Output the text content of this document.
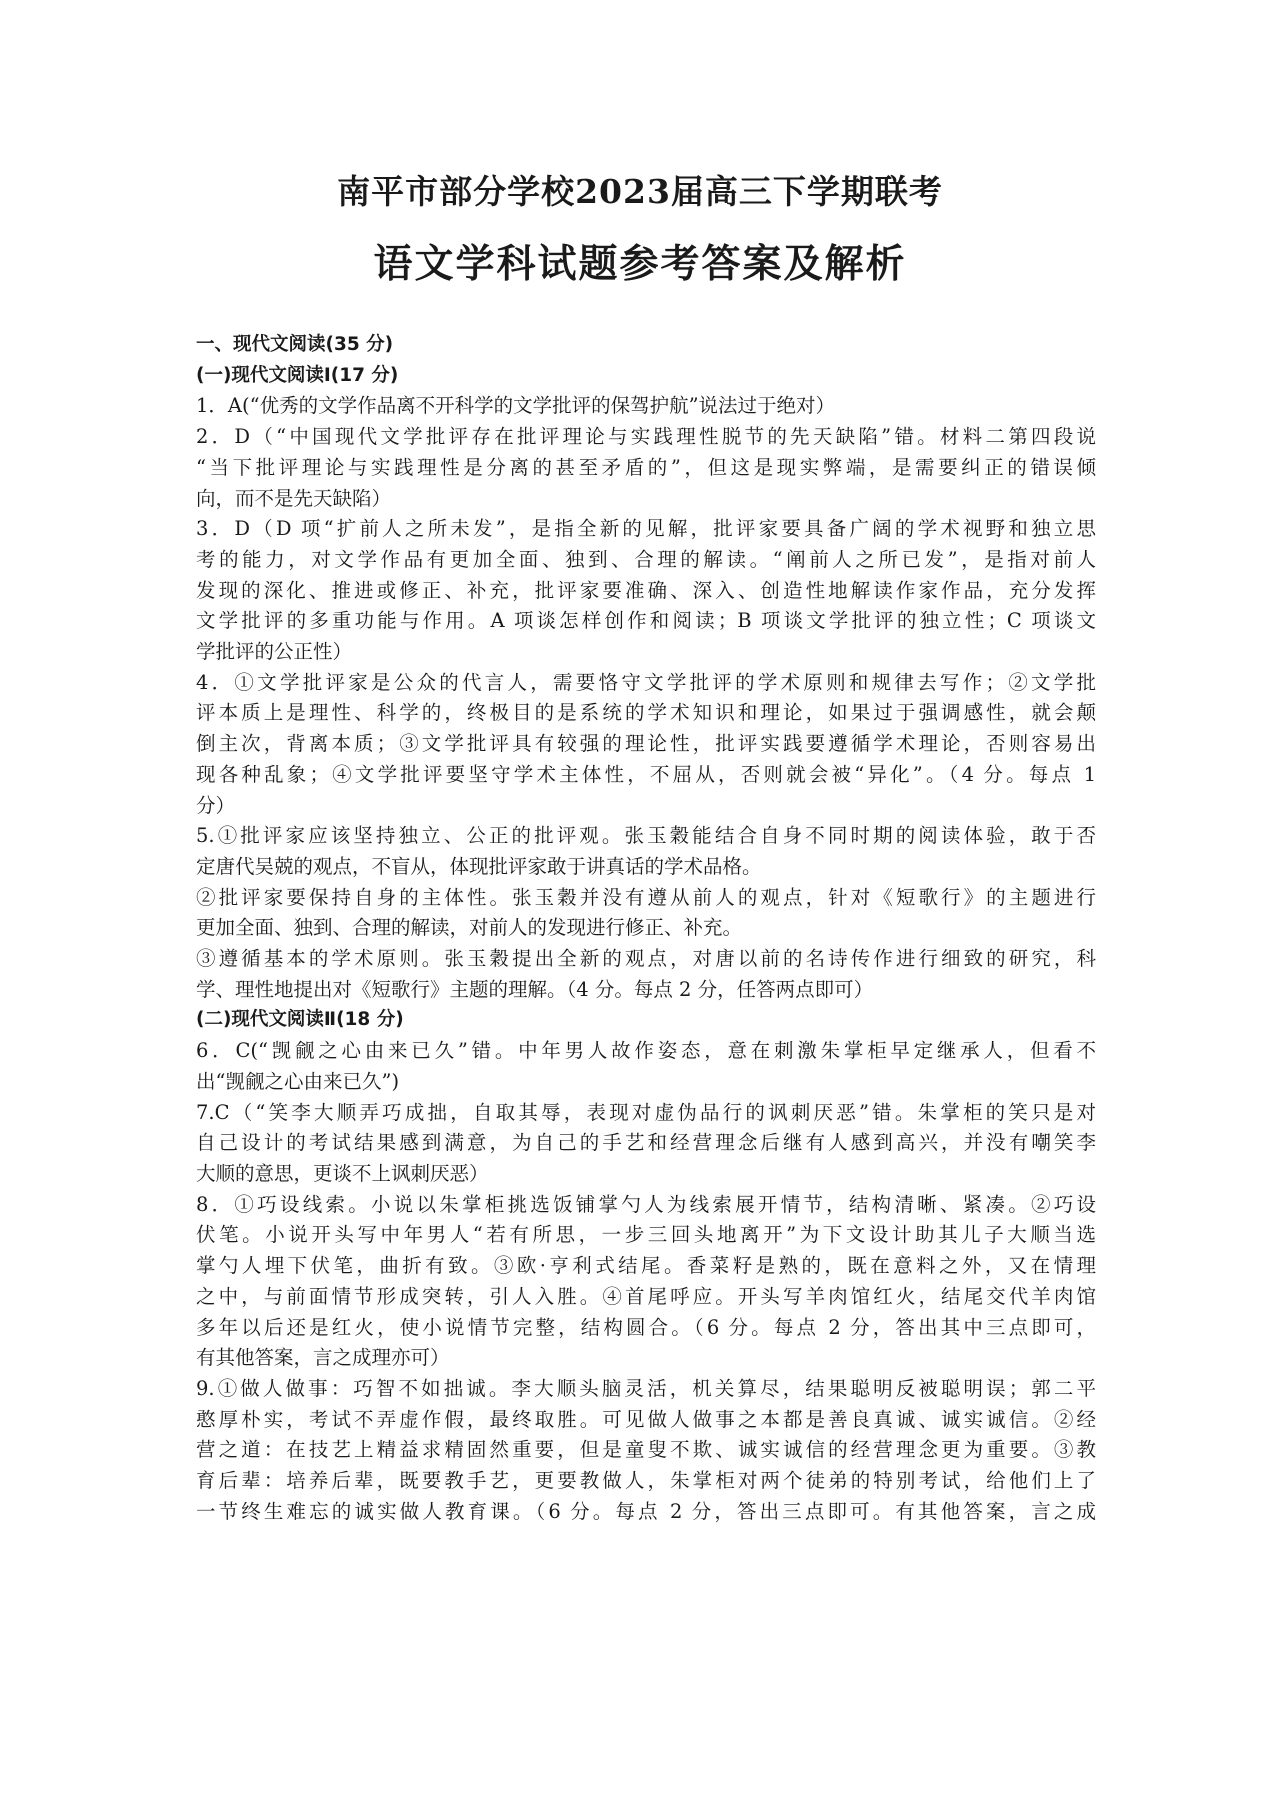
南平市部分学校2023届高三下学期联考
语文学科试题参考答案及解析
一、现代文阅读(35 分)
(一)现代文阅读Ⅰ(17 分)
1．A(“优秀的文学作品离不开科学的文学批评的保驾护航”说法过于绝对）
2．D（“中国现代文学批评存在批评理论与实践理性脱节的先天缺陷”错。材料二第四段说
“当下批评理论与实践理性是分离的甚至矛盾的”，但这是现实弊端，是需要纠正的错误倾
向，而不是先天缺陷）
3．D（D 项“扩前人之所未发”，是指全新的见解，批评家要具备广阔的学术视野和独立思
考的能力，对文学作品有更加全面、独到、合理的解读。“阐前人之所已发”，是指对前人
发现的深化、推进或修正、补充，批评家要准确、深入、创造性地解读作家作品，充分发挥
文学批评的多重功能与作用。A 项谈怎样创作和阅读；B 项谈文学批评的独立性；C 项谈文
学批评的公正性）
4．①文学批评家是公众的代言人，需要恪守文学批评的学术原则和规律去写作；②文学批
评本质上是理性、科学的，终极目的是系统的学术知识和理论，如果过于强调感性，就会颠
倒主次，背离本质；③文学批评具有较强的理论性，批评实践要遵循学术理论，否则容易出
现各种乱象；④文学批评要坚守学术主体性，不屈从，否则就会被“异化”。（4 分。每点 1
分）
5.①批评家应该坚持独立、公正的批评观。张玉穀能结合自身不同时期的阅读体验，敢于否
定唐代吴兢的观点，不盲从，体现批评家敢于讲真话的学术品格。
②批评家要保持自身的主体性。张玉穀并没有遵从前人的观点，针对《短歌行》的主题进行
更加全面、独到、合理的解读，对前人的发现进行修正、补充。
③遵循基本的学术原则。张玉穀提出全新的观点，对唐以前的名诗传作进行细致的研究，科
学、理性地提出对《短歌行》主题的理解。（4 分。每点 2 分，任答两点即可）
(二)现代文阅读Ⅱ(18 分)
6．C(“觊觎之心由来已久”错。中年男人故作姿态，意在刺激朱掌柜早定继承人，但看不
出“觊觎之心由来已久”)
7.C（“笑李大顺弄巧成拙，自取其辱，表现对虚伪品行的讽刺厌恶”错。朱掌柜的笑只是对
自己设计的考试结果感到满意，为自己的手艺和经营理念后继有人感到高兴，并没有嘲笑李
大顺的意思，更谈不上讽刺厌恶）
8．①巧设线索。小说以朱掌柜挑选饭铺掌勺人为线索展开情节，结构清晰、紧凑。②巧设
伏笔。小说开头写中年男人“若有所思，一步三回头地离开”为下文设计助其儿子大顺当选
掌勺人埋下伏笔，曲折有致。③欧·亨利式结尾。香菜籽是熟的，既在意料之外，又在情理
之中，与前面情节形成突转，引人入胜。④首尾呼应。开头写羊肉馆红火，结尾交代羊肉馆
多年以后还是红火，使小说情节完整，结构圆合。（6 分。每点 2 分，答出其中三点即可，
有其他答案，言之成理亦可）
9.①做人做事：巧智不如拙诚。李大顺头脑灵活，机关算尽，结果聪明反被聪明误；郭二平
憨厚朴实，考试不弄虚作假，最终取胜。可见做人做事之本都是善良真诚、诚实诚信。②经
营之道：在技艺上精益求精固然重要，但是童叟不欺、诚实诚信的经营理念更为重要。③教
育后辈：培养后辈，既要教手艺，更要教做人，朱掌柜对两个徒弟的特别考试，给他们上了
一节终生难忘的诚实做人教育课。（6 分。每点 2 分，答出三点即可。有其他答案，言之成
